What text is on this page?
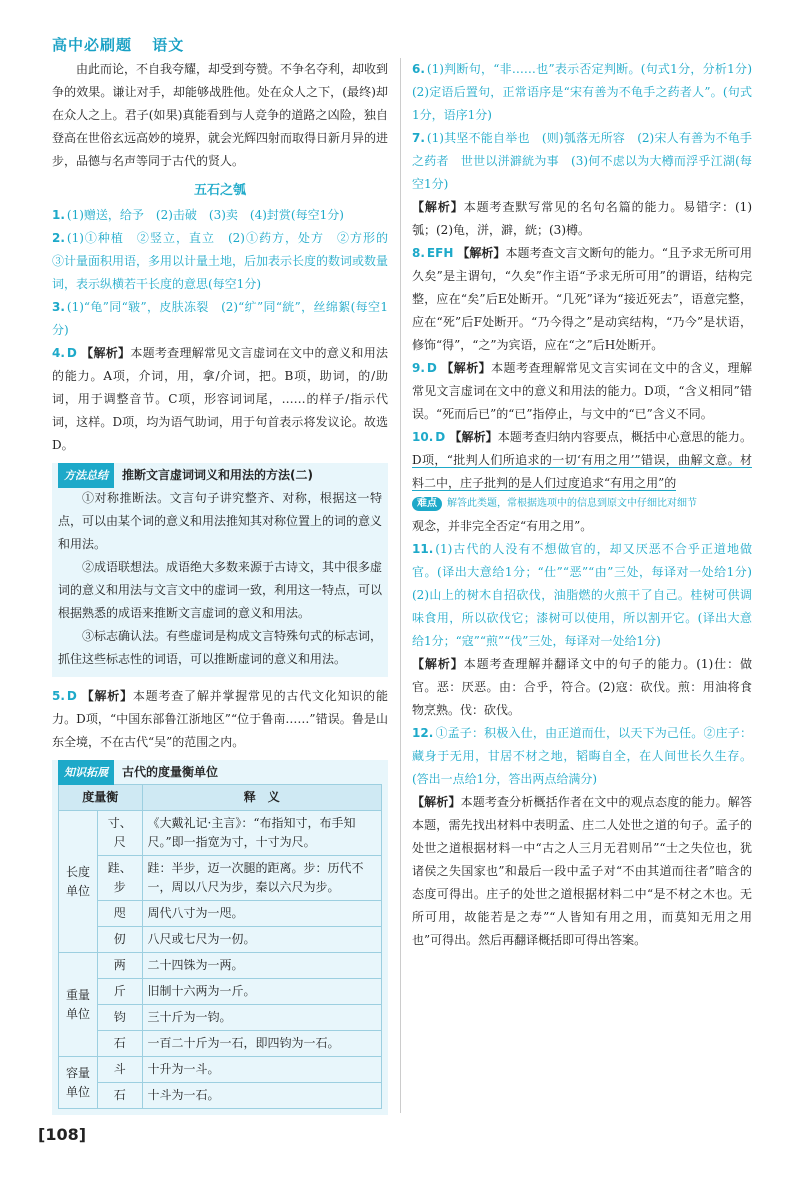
高中必刷题 语文

由此而论，不自我夸耀，却受到夸赞。不争名夺利，却收到争的效果。谦让对手，却能够战胜他。处在众人之下，(最终)却在众人之上。君子(如果)真能看到与人竞争的道路之凶险，独自登高在世俗玄远高妙的境界，就会光辉四射而取得日新月异的进步，品德与名声等同于古代的贤人。

五石之瓠

1. (1)赠送，给予　(2)击破　(3)卖　(4)封赏(每空1分)

2. (1)①种植　②竖立，直立　(2)①药方，处方　②方形的　③计量面积用语，多用以计量土地，后加表示长度的数词或数量词，表示纵横若干长度的意思(每空1分)

3. (1)“龟”同“皲”，皮肤冻裂　(2)“纩”同“絖”，丝绵絮(每空1分)

4. D 【解析】本题考查理解常见文言虚词在文中的意义和用法的能力。A项，介词，用，拿/介词，把。B项，助词，的/助词，用于调整音节。C项，形容词词尾，……的样子/指示代词，这样。D项，均为语气助词，用于句首表示将发议论。故选D。

方法总结	推断文言虚词词义和用法的方法(二)

①对称推断法。文言句子讲究整齐、对称，根据这一特点，可以由某个词的意义和用法推知其对称位置上的词的意义和用法。

②成语联想法。成语绝大多数来源于古诗文，其中很多虚词的意义和用法与文言文中的虚词一致，利用这一特点，可以根据熟悉的成语来推断文言虚词的意义和用法。

③标志确认法。有些虚词是构成文言特殊句式的标志词，抓住这些标志性的词语，可以推断虚词的意义和用法。

5. D 【解析】本题考查了解并掌握常见的古代文化知识的能力。D项，“中国东部鲁江浙地区”“位于鲁南……”错误。鲁是山东全境，不在古代“吴”的范围之内。

知识拓展	古代的度量衡单位
度量衡		释　义
长度单位	寸、尺	《大戴礼记·主言》：“布指知寸，布手知尺。”即一指宽为寸，十寸为尺。
	跬、步	跬：半步，迈一次腿的距离。步：历代不一，周以八尺为步，秦以六尺为步。
	咫	周代八寸为一咫。
	仞	八尺或七尺为一仞。
重量单位	两	二十四铢为一两。
	斤	旧制十六两为一斤。
	钧	三十斤为一钧。
	石	一百二十斤为一石，即四钧为一石。
容量单位	斗	十升为一斗。
	石	十斗为一石。

6. (1)判断句，“非……也”表示否定判断。(句式1分，分析1分)　(2)定语后置句，正常语序是“宋有善为不龟手之药者人”。(句式1分，语序1分)

7. (1)其坚不能自举也　(则)瓠落无所容　(2)宋人有善为不龟手之药者　世世以洴澼絖为事　(3)何不虑以为大樽而浮乎江湖(每空1分)

【解析】本题考查默写常见的名句名篇的能力。易错字：(1)瓠；(2)龟，洴，澼，絖；(3)樽。

8. EFH 【解析】本题考查文言文断句的能力。“且予求无所可用久矣”是主谓句，“久矣”作主语“予求无所可用”的谓语，结构完整，应在“矣”后E处断开。“几死”译为“接近死去”，语意完整，应在“死”后F处断开。“乃今得之”是动宾结构，“乃今”是状语，修饰“得”，“之”为宾语，应在“之”后H处断开。

9. D 【解析】本题考查理解常见文言实词在文中的含义，理解常见文言虚词在文中的意义和用法的能力。D项，“含义相同”错误。“死而后已”的“已”指停止，与文中的“已”含义不同。

10. D 【解析】本题考查归纳内容要点，概括中心意思的能力。D项，“批判人们所追求的一切‘有用之用’”错误，曲解文意。材料二中，庄子批判的是人们过度追求“有用之用”的

难点	解答此类题，常根据选项中的信息到原文中仔细比对细节

观念，并非完全否定“有用之用”。

11. (1)古代的人没有不想做官的，却又厌恶不合乎正道地做官。(译出大意给1分；“仕”“恶”“由”三处，每译对一处给1分)　(2)山上的树木自招砍伐，油脂燃的火煎干了自己。桂树可供调味食用，所以砍伐它；漆树可以使用，所以割开它。(译出大意给1分；“寇”“煎”“伐”三处，每译对一处给1分)

【解析】本题考查理解并翻译文中的句子的能力。(1)仕：做官。恶：厌恶。由：合乎，符合。(2)寇：砍伐。煎：用油将食物烹熟。伐：砍伐。

12. ①孟子：积极入仕，由正道而仕，以天下为己任。②庄子：藏身于无用，甘居不材之地，韬晦自全，在人间世长久生存。(答出一点给1分，答出两点给满分)

【解析】本题考查分析概括作者在文中的观点态度的能力。解答本题，需先找出材料中表明孟、庄二人处世之道的句子。孟子的处世之道根据材料一中“古之人三月无君则吊”“士之失位也，犹诸侯之失国家也”和最后一段中孟子对“不由其道而往者”暗含的态度可得出。庄子的处世之道根据材料二中“是不材之木也。无所可用，故能若是之寿”“人皆知有用之用，而莫知无用之用也”可得出。然后再翻译概括即可得出答案。

[108]
